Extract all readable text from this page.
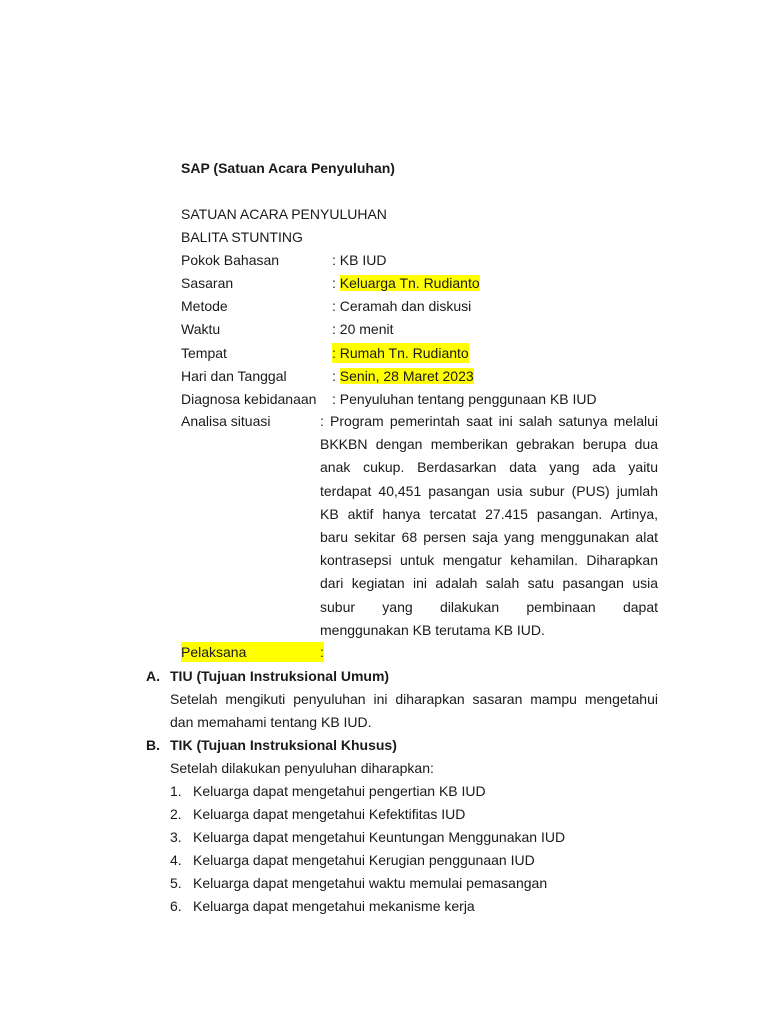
SAP (Satuan Acara Penyuluhan)
SATUAN ACARA PENYULUHAN
BALITA STUNTING
Pokok Bahasan	: KB IUD
Sasaran	: Keluarga Tn. Rudianto
Metode	: Ceramah dan diskusi
Waktu	: 20 menit
Tempat	: Rumah Tn. Rudianto
Hari dan Tanggal	: Senin, 28 Maret 2023
Diagnosa kebidanaan : Penyuluhan tentang penggunaan KB IUD
Analisa situasi	: Program pemerintah saat ini salah satunya melalui
BKKBN dengan memberikan gebrakan berupa dua
anak cukup. Berdasarkan data yang ada yaitu
terdapat 40,451 pasangan usia subur (PUS) jumlah
KB aktif hanya tercatat 27.415 pasangan. Artinya,
baru sekitar 68 persen saja yang menggunakan alat
kontrasepsi untuk mengatur kehamilan. Diharapkan
dari kegiatan ini adalah salah satu pasangan usia
subur yang dilakukan pembinaan dapat
menggunakan KB terutama KB IUD.
Pelaksana	:
A. TIU (Tujuan Instruksional Umum)
Setelah mengikuti penyuluhan ini diharapkan sasaran mampu mengetahui
dan memahami tentang KB IUD.
B. TIK (Tujuan Instruksional Khusus)
Setelah dilakukan penyuluhan diharapkan:
1. Keluarga dapat mengetahui pengertian KB IUD
2. Keluarga dapat mengetahui Kefektifitas IUD
3. Keluarga dapat mengetahui Keuntungan Menggunakan IUD
4. Keluarga dapat mengetahui Kerugian penggunaan IUD
5. Keluarga dapat mengetahui waktu memulai pemasangan
6. Keluarga dapat mengetahui mekanisme kerja
